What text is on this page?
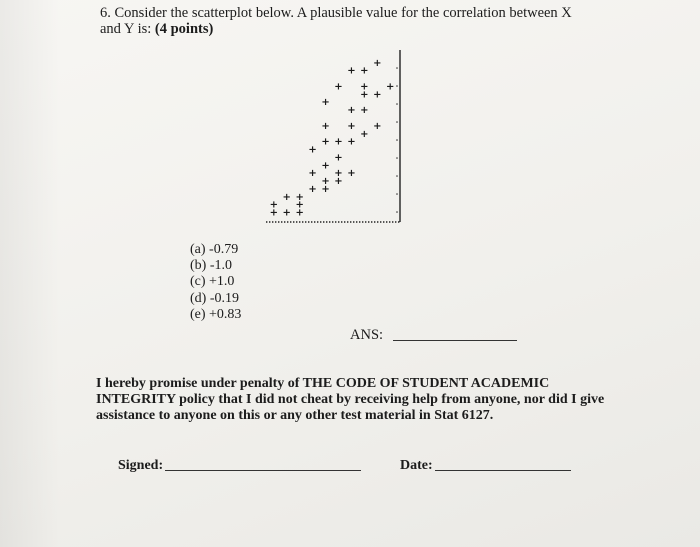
6. Consider the scatterplot below. A plausible value for the correlation between X
and Y is: (4 points)
+ + +
+
+
+ +
+ +
+ +
+ +
+
+
+
+
+ + +
+
+ + +
+ +
+
+ +
+ + +
+ +
+
(a) -0.79
(b) -1.0
(c) +1.0
(d) -0.19
(e) +0.83
ANS:
I hereby promise under penalty of THE CODE OF STUDENT ACADEMIC INTEGRITY policy that I did not cheat by receiving help from anyone, nor did I give assistance to anyone on this or any other test material in Stat 6127.
Signed:	Date:
